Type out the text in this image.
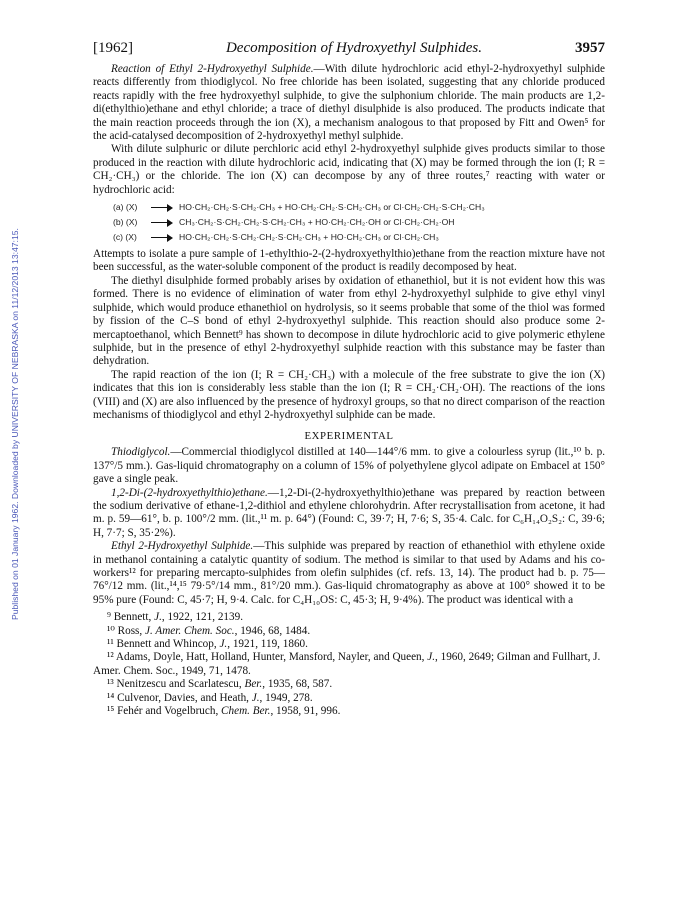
Published on 01 January 1962. Downloaded by UNIVERSITY OF NEBRASKA on 11/12/2013 13:47:15.
[1962]	Decomposition of Hydroxyethyl Sulphides.	3957

Reaction of Ethyl 2-Hydroxyethyl Sulphide.—With dilute hydrochloric acid ethyl-2-hydroxyethyl sulphide reacts differently from thiodiglycol. No free chloride has been isolated, suggesting that any chloride produced reacts rapidly with the free hydroxyethyl sulphide, to give the sulphonium chloride. The main products are 1,2-di(ethylthio)ethane and ethyl chloride; a trace of diethyl disulphide is also produced. The products indicate that the main reaction proceeds through the ion (X), a mechanism analogous to that proposed by Fitt and Owen⁵ for the acid-catalysed decomposition of 2-hydroxyethyl methyl sulphide.

With dilute sulphuric or dilute perchloric acid ethyl 2-hydroxyethyl sulphide gives products similar to those produced in the reaction with dilute hydrochloric acid, indicating that (X) may be formed through the ion (I; R = CH₂·CH₃) or the chloride. The ion (X) can decompose by any of three routes,⁷ reacting with water or hydrochloric acid:

(a) (X)	HO·CH₂·CH₂·S·CH₂·CH₃ + HO·CH₂·CH₂·S·CH₂·CH₃ or Cl·CH₂·CH₂·S·CH₂·CH₃
(b) (X)	CH₃·CH₂·S·CH₂·CH₂·S·CH₂·CH₃ + HO·CH₂·CH₂·OH or Cl·CH₂·CH₂·OH
(c) (X)	HO·CH₂·CH₂·S·CH₂·CH₂·S·CH₂·CH₃ + HO·CH₂·CH₃ or Cl·CH₂·CH₃

Attempts to isolate a pure sample of 1-ethylthio-2-(2-hydroxyethylthio)ethane from the reaction mixture have not been successful, as the water-soluble component of the product is readily decomposed by heat.

The diethyl disulphide formed probably arises by oxidation of ethanethiol, but it is not evident how this was formed. There is no evidence of elimination of water from ethyl 2-hydroxyethyl sulphide to give ethyl vinyl sulphide, which would produce ethanethiol on hydrolysis, so it seems probable that some of the thiol was formed by fission of the C–S bond of ethyl 2-hydroxyethyl sulphide. This reaction should also produce some 2-mercaptoethanol, which Bennett⁹ has shown to decompose in dilute hydrochloric acid to give polymeric ethylene sulphide, but in the presence of ethyl 2-hydroxyethyl sulphide reaction with this substance may be faster than dehydration.

The rapid reaction of the ion (I; R = CH₂·CH₃) with a molecule of the free substrate to give the ion (X) indicates that this ion is considerably less stable than the ion (I; R = CH₂·CH₂·OH). The reactions of the ions (VIII) and (X) are also influenced by the presence of hydroxyl groups, so that no direct comparison of the reaction mechanisms of thiodiglycol and ethyl 2-hydroxyethyl sulphide can be made.

EXPERIMENTAL

Thiodiglycol.—Commercial thiodiglycol distilled at 140—144°/6 mm. to give a colourless syrup (lit.,¹⁰ b. p. 137°/5 mm.). Gas-liquid chromatography on a column of 15% of polyethylene glycol adipate on Embacel at 150° gave a single peak.

1,2-Di-(2-hydroxyethylthio)ethane.—1,2-Di-(2-hydroxyethylthio)ethane was prepared by reaction between the sodium derivative of ethane-1,2-dithiol and ethylene chlorohydrin. After recrystallisation from acetone, it had m. p. 59—61°, b. p. 100°/2 mm. (lit.,¹¹ m. p. 64°) (Found: C, 39·7; H, 7·6; S, 35·4. Calc. for C₆H₁₄O₂S₂: C, 39·6; H, 7·7; S, 35·2%).

Ethyl 2-Hydroxyethyl Sulphide.—This sulphide was prepared by reaction of ethanethiol with ethylene oxide in methanol containing a catalytic quantity of sodium. The method is similar to that used by Adams and his co-workers¹² for preparing mercapto-sulphides from olefin sulphides (cf. refs. 13, 14). The product had b. p. 75—76°/12 mm. (lit.,¹⁴,¹⁵ 79·5°/14 mm., 81°/20 mm.). Gas-liquid chromatography as above at 100° showed it to be 95% pure (Found: C, 45·7; H, 9·4. Calc. for C₄H₁₀OS: C, 45·3; H, 9·4%). The product was identical with a

⁹ Bennett, J., 1922, 121, 2139.

¹⁰ Ross, J. Amer. Chem. Soc., 1946, 68, 1484.

¹¹ Bennett and Whincop, J., 1921, 119, 1860.

¹² Adams, Doyle, Hatt, Holland, Hunter, Mansford, Nayler, and Queen, J., 1960, 2649; Gilman and Fullhart, J. Amer. Chem. Soc., 1949, 71, 1478.

¹³ Nenitzescu and Scarlatescu, Ber., 1935, 68, 587.

¹⁴ Culvenor, Davies, and Heath, J., 1949, 278.

¹⁵ Fehér and Vogelbruch, Chem. Ber., 1958, 91, 996.
